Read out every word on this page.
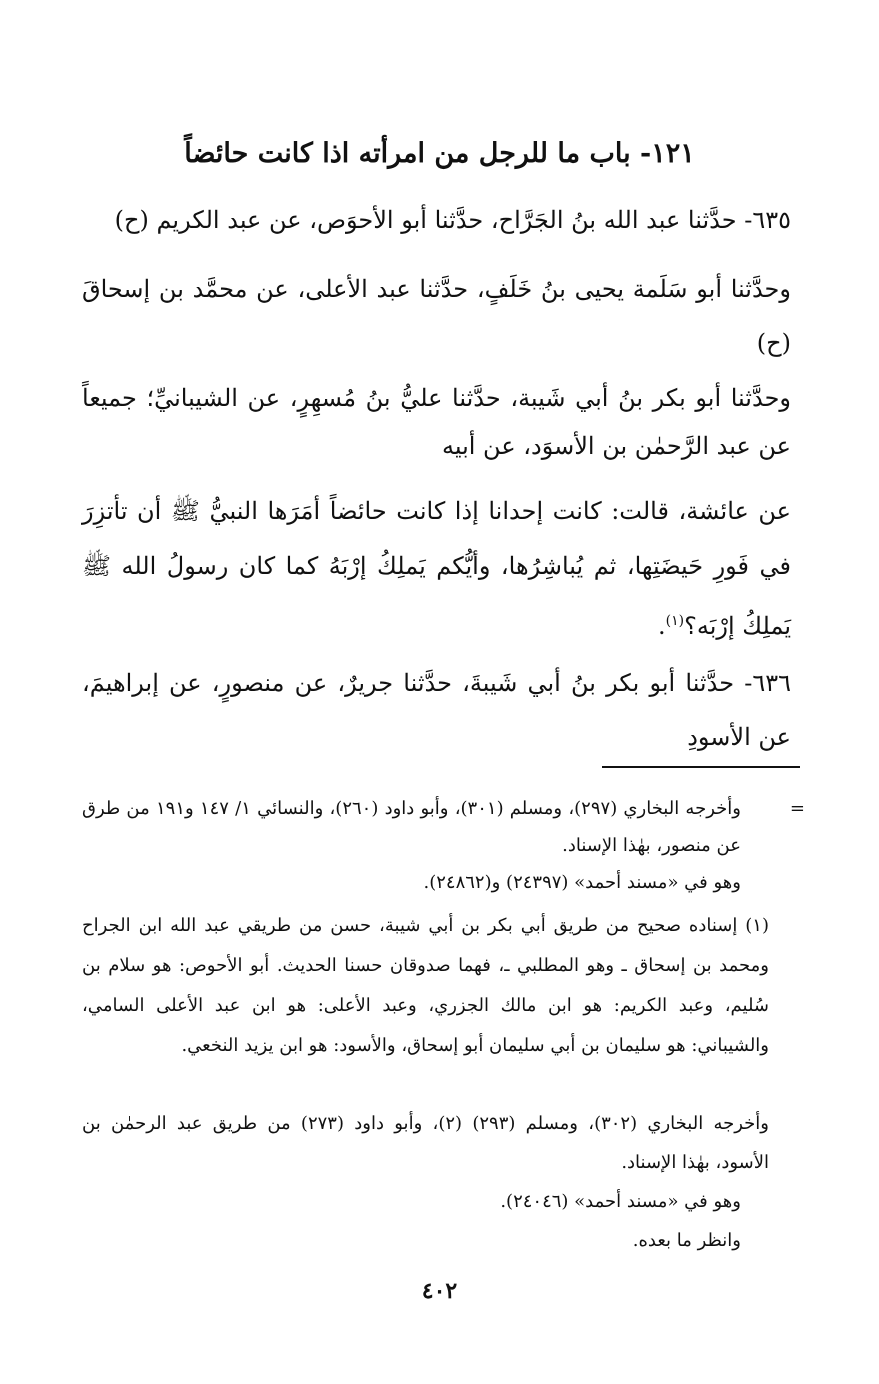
١٢١- باب ما للرجل من امرأته اذا كانت حائضاً

٦٣٥- حدَّثنا عبد الله بنُ الجَرَّاح، حدَّثنا أبو الأحوَص، عن عبد الكريم (ح)

وحدَّثنا أبو سَلَمة يحيى بنُ خَلَفٍ، حدَّثنا عبد الأعلى، عن محمَّد بن إسحاقَ (ح)

وحدَّثنا أبو بكر بنُ أبي شَيبة، حدَّثنا عليُّ بنُ مُسهِرٍ، عن الشيبانيِّ؛ جميعاً عن عبد الرَّحمٰن بن الأسوَد، عن أبيه

عن عائشة، قالت: كانت إحدانا إذا كانت حائضاً أمَرَها النبيُّ ﷺ أن تأتزِرَ في فَورِ حَيضَتِها، ثم يُباشِرُها، وأيُّكم يَملِكُ إرْبَهُ كما كان رسولُ الله ﷺ يَملِكُ إرْبَه؟$^{(١)}$.

٦٣٦- حدَّثنا أبو بكر بنُ أبي شَيبةَ، حدَّثنا جريرٌ، عن منصورٍ، عن إبراهيمَ، عن الأسودِ

=

وأخرجه البخاري (٢٩٧)، ومسلم (٣٠١)، وأبو داود (٢٦٠)، والنسائي ١/ ١٤٧ و١٩١ من طرق عن منصور، بهٰذا الإسناد.

وهو في «مسند أحمد» (٢٤٣٩٧) و(٢٤٨٦٢).

(١) إسناده صحيح من طريق أبي بكر بن أبي شيبة، حسن من طريقي عبد الله ابن الجراح ومحمد بن إسحاق ـ وهو المطلبي ـ، فهما صدوقان حسنا الحديث. أبو الأحوص: هو سلام بن سُليم، وعبد الكريم: هو ابن مالك الجزري، وعبد الأعلى: هو ابن عبد الأعلى السامي، والشيباني: هو سليمان بن أبي سليمان أبو إسحاق، والأسود: هو ابن يزيد النخعي.

وأخرجه البخاري (٣٠٢)، ومسلم (٢٩٣) (٢)، وأبو داود (٢٧٣) من طريق عبد الرحمٰن بن الأسود، بهٰذا الإسناد.

وهو في «مسند أحمد» (٢٤٠٤٦).

وانظر ما بعده.

٤٠٢
